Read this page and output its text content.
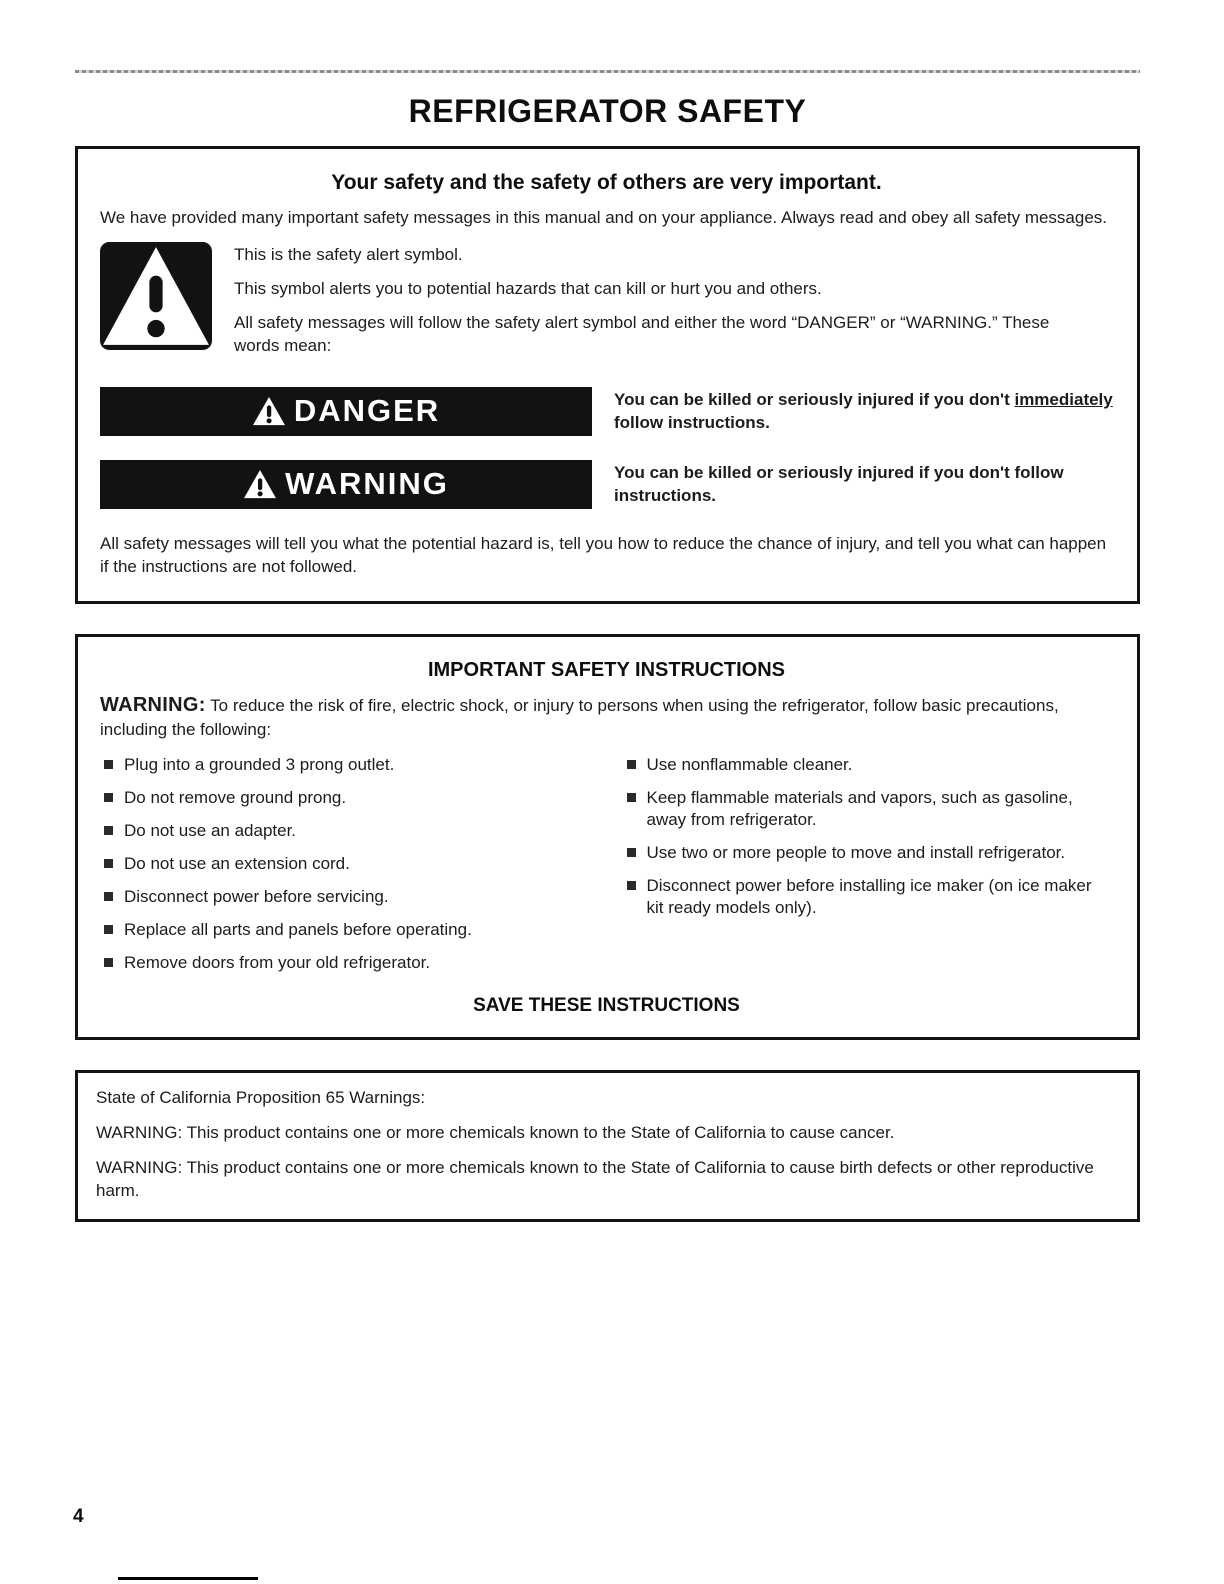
REFRIGERATOR SAFETY
Your safety and the safety of others are very important.

We have provided many important safety messages in this manual and on your appliance. Always read and obey all safety messages.

This is the safety alert symbol.

This symbol alerts you to potential hazards that can kill or hurt you and others.

All safety messages will follow the safety alert symbol and either the word “DANGER” or “WARNING.” These words mean:

DANGER	You can be killed or seriously injured if you don't immediately follow instructions.
WARNING	You can be killed or seriously injured if you don't follow instructions.

All safety messages will tell you what the potential hazard is, tell you how to reduce the chance of injury, and tell you what can happen if the instructions are not followed.

IMPORTANT SAFETY INSTRUCTIONS

WARNING: To reduce the risk of fire, electric shock, or injury to persons when using the refrigerator, follow basic precautions, including the following:

Plug into a grounded 3 prong outlet.
Do not remove ground prong.
Do not use an adapter.
Do not use an extension cord.
Disconnect power before servicing.
Replace all parts and panels before operating.
Remove doors from your old refrigerator.
Use nonflammable cleaner.
Keep flammable materials and vapors, such as gasoline, away from refrigerator.
Use two or more people to move and install refrigerator.
Disconnect power before installing ice maker (on ice maker kit ready models only).
SAVE THESE INSTRUCTIONS

State of California Proposition 65 Warnings:

WARNING: This product contains one or more chemicals known to the State of California to cause cancer.

WARNING: This product contains one or more chemicals known to the State of California to cause birth defects or other reproductive harm.

4
